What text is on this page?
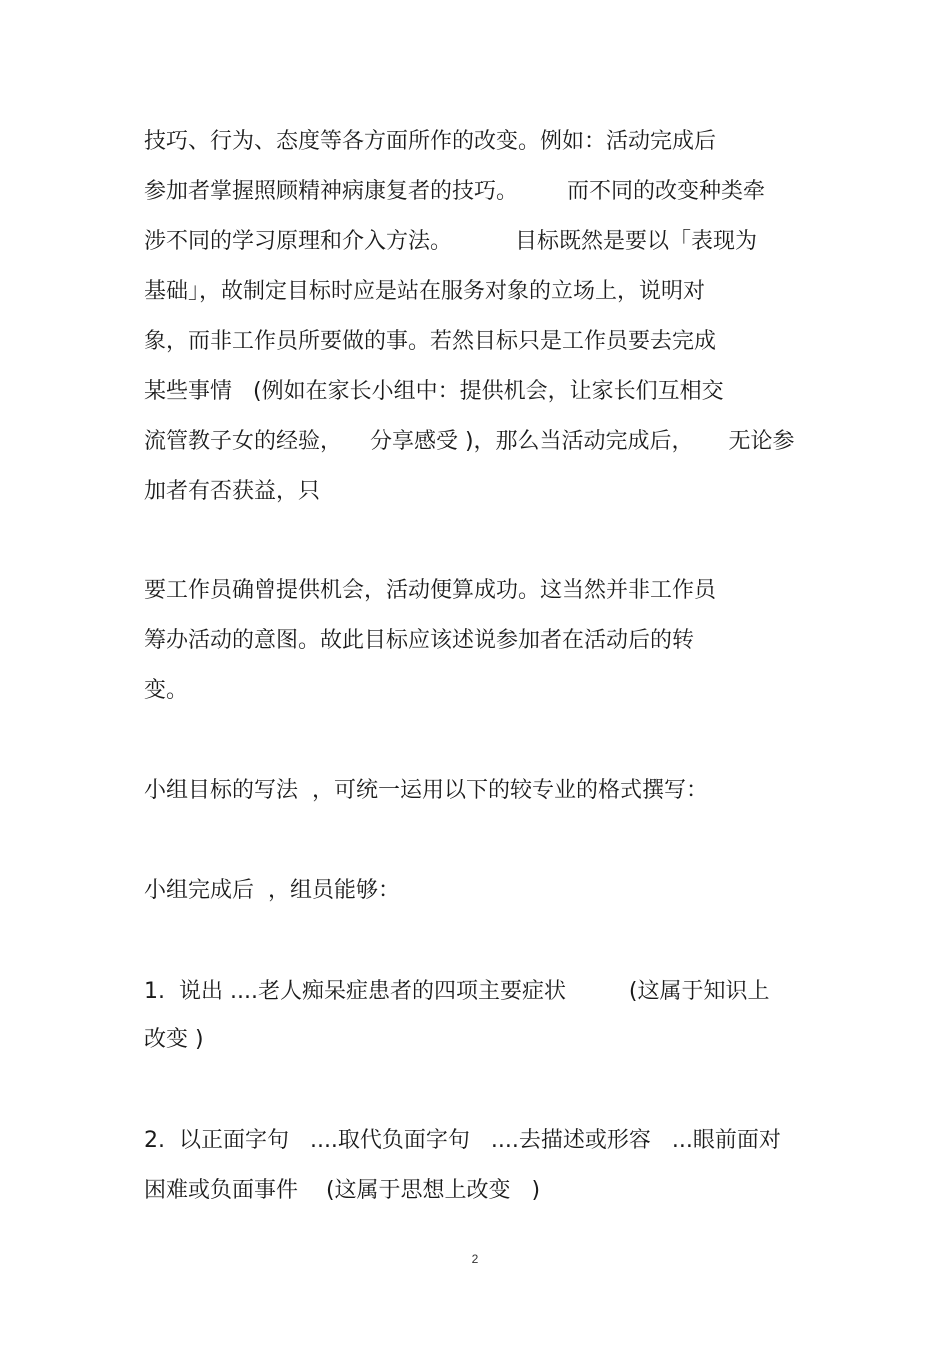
技巧、行为、态度等各方面所作的改变。例如：活动完成后
参加者掌握照顾精神病康复者的技巧。       而不同的改变种类牵
涉不同的学习原理和介入方法。         目标既然是要以「表现为
基础」，故制定目标时应是站在服务对象的立场上，说明对
象，而非工作员所要做的事。若然目标只是工作员要去完成
某些事情   (例如在家长小组中：提供机会，让家长们互相交
流管教子女的经验，    分享感受 )，那么当活动完成后，     无论参
加者有否获益，只
要工作员确曾提供机会，活动便算成功。这当然并非工作员
筹办活动的意图。故此目标应该述说参加者在活动后的转
变。
小组目标的写法  ，可统一运用以下的较专业的格式撰写：
小组完成后  ，组员能够：
1.  说出 ....老人痴呆症患者的四项主要症状         (这属于知识上
改变 )
2.  以正面字句   ....取代负面字句   ....去描述或形容   ...眼前面对
困难或负面事件    (这属于思想上改变   )
2
